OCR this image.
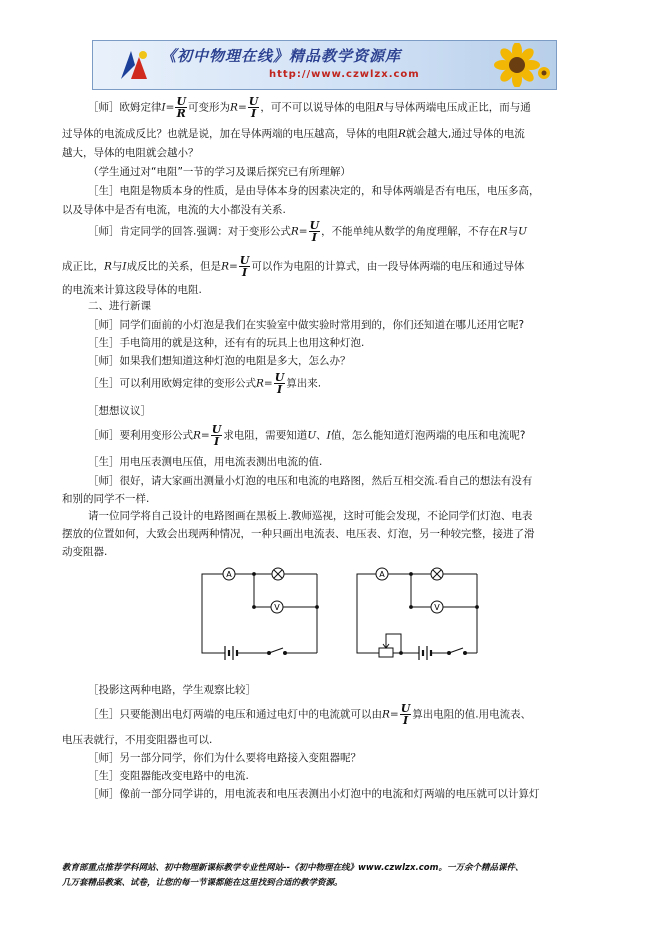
《初中物理在线》精品教学资源库
http://www.czwlzx.com
［师］欧姆定律$I= \frac{U}{R}$ 可变形为$R= \frac{U}{I}$ ，可不可以说导体的电阻R与导体两端电压成正比，而与通
过导体的电流成反比？也就是说，加在导体两端的电压越高，导体的电阻R就会越大,通过导体的电流
越大，导体的电阻就会越小？
（学生通过对“电阻”一节的学习及课后探究已有所理解）
［生］电阻是物质本身的性质，是由导体本身的因素决定的，和导体两端是否有电压，电压多高，
以及导体中是否有电流，电流的大小都没有关系.
［师］肯定同学的回答.强调：对于变形公式$R= \frac{U}{I}$ ，不能单纯从数学的角度理解，不存在R与U
成正比，R与I成反比的关系，但是$R= \frac{U}{I}$ 可以作为电阻的计算式，由一段导体两端的电压和通过导体
的电流来计算这段导体的电阻.
二、进行新课
［师］同学们面前的小灯泡是我们在实验室中做实验时常用到的，你们还知道在哪儿还用它呢?
［生］手电筒用的就是这种，还有有的玩具上也用这种灯泡.
［师］如果我们想知道这种灯泡的电阻是多大，怎么办？
［生］可以利用欧姆定律的变形公式$R= \frac{U}{I}$ 算出来.
［想想议议］
［师］要利用变形公式$R= \frac{U}{I}$ 求电阻，需要知道U、I值，怎么能知道灯泡两端的电压和电流呢?
［生］用电压表测电压值，用电流表测出电流的值.
［师］很好，请大家画出测量小灯泡的电压和电流的电路图，然后互相交流.看自己的想法有没有
和别的同学不一样.
请一位同学将自己设计的电路图画在黑板上.教师巡视，这时可能会发现，不论同学们灯泡、电表
摆放的位置如何，大致会出现两种情况，一种只画出电流表、电压表、灯泡，另一种较完整，接进了滑
动变阻器.
A
V
A
V
［投影这两种电路，学生观察比较］
［生］只要能测出电灯两端的电压和通过电灯中的电流就可以由$R= \frac{U}{I}$ 算出电阻的值.用电流表、
电压表就行，不用变阻器也可以.
［师］另一部分同学，你们为什么要将电路接入变阻器呢？
［生］变阻器能改变电路中的电流.
［师］像前一部分同学讲的，用电流表和电压表测出小灯泡中的电流和灯两端的电压就可以计算灯
教育部重点推荐学科网站、初中物理新课标教学专业性网站--《初中物理在线》www.czwlzx.com。一万余个精品课件、
几万套精品教案、试卷，让您的每一节课都能在这里找到合适的教学资源。
